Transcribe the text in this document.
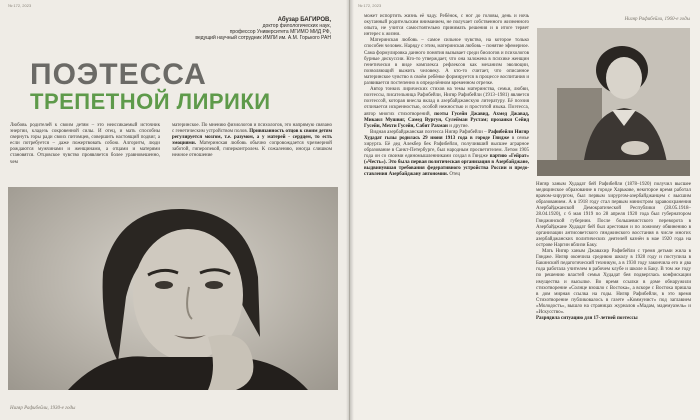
№ 172, 2023
Абузар БАГИРОВ,
доктор филологических наук,
профессор Университета МГИМО МИД РФ,
ведущий научный сотрудник ИМЛИ им. А.М. Горького РАН
ПОЭТЕССА
ТРЕПЕТНОЙ ЛИРИКИ
Любовь родителей к своим детям – это неиссякаемый источник энергии, кладезь сокровенной силы. И отец, и мать способны свернуть горы ради своих питомцев, совершить настоящий подвиг, а если потребуется – даже пожертвовать собою. Алгоритм, люди рождаются мужчинами и женщинами, а отцами и матерями становятся. Отцовское чувство проявляется более уравновешенно, чем
материнское. По мнению физиологов и психологов, это напрямую связано с генетическим устройством полов. Привязанность отцов к своим детям регулируется мозгом, т.е. разумом, а у матерей - сердцем, то есть эмоциями. Материнская любовь обычно сопровождается чрезмерной заботой, гиперопекой, гиперконтролем. К сожалению, иногда слишком нежное отношение
Нигяр Рафибейли, 1930-е годы
№ 172, 2023
Нигяр Рафибейли, 1960-е годы
может испортить жизнь её чаду. Ребёнок, с ног до головы, день и ночь окутанный родительским вниманием, не получает собственного жизненного опыта, не учится самостоятельно принимать решения и в итоге теряет интерес к жизни.
Материнская любовь – самое сильное чувство, на которое только способен человек. Наряду с этим, материнская любовь – понятие эфемерное. Сама формулировка данного понятия вызывает среди биологов и психологов бурные дискуссии. Кто-то утверждает, что она заложена в психике женщин генетически в виде комплекса рефлексов как механизм эволюции, позволяющий выжить человеку. А кто-то считает, что описанное материнское чувство в своём ребёнке формируется в процессе воспитания и развивается постепенно в определённом временном отрезке.
Автор тонких лирических стихов на темы материнства, семьи, любви, поэтессы, писательница Рафибейли, Нигяр Рафибейли (1913–1981) является поэтессой, которая внесла вклад в азербайджанскую литературу. Её поэзия отличается искренностью, особой нежностью и простотой языка. Поэтесса, автор многих стихотворений, поэты Гусейн Джавид, Ахмед Джавад, Микаил Мушвиг, Самед Вургун, Сулейман Рустам; прозаики Сейид Гусейн, Мехти Гусейн, Сабит Рахман и другие.
Видная азербайджанская поэтесса Нигяр Рафибейли – Рафибейли Нигяр Худадат гызы родилась 29 июня 1913 года в городе Гяндже в семье хирурга. Её дед Алекбер бек Рафибейли, получивший высшее аграрное образование в Санкт-Петербурге, был народным просветителем. Летом 1905 года он со своими единомышленниками создал в Гяндже партию «Гейрат» («Честь»). Это была первая политическая организация в Азербайджане, выдвинувшая требования федеративного устройства России и предоставления Азербайджану автономии. Отец
Нигяр ханым Худадат бей Рафибейли (1878–1920) получил высшее медицинское образование в городе Харькове, некоторое время работал врачом-хирургом, был первым хирургом-азербайджанцем с высшим образованием. А в 1918 году стал первым министром здравоохранения Азербайджанской Демократической Республики (28.05.1918–28.04.1920), с 6 мая 1919 по 28 апреля 1920 года был губернатором Гянджинской губернии. После большевистского переворота в Азербайджане Худадат бей был арестован и по ложному обвинению в организации антисоветского гянджинского восстания в числе многих азербайджанских политических деятелей казнён в мае 1920 года на острове Наргин вблизи Баку.
Мать Нигяр ханым Джавахир Рафибейли с тремя детьми жила в Гяндже. Нигяр окончила среднюю школу в 1928 году и поступила в Бакинский педагогический техникум, а в 1930 году закончила его и два года работала учителем в рабочем клубе и школе в Баку. В том же году по решению властей семья Худадат бея подверглась конфискации имущества и высылке. Во время ссылки в доме обнаружили стихотворение «Солнце взошло с Востока», а вскоре с Востока пришла в дом мирная ссылка на годы. Нигяр Рафибейли, в это время Стихотворение публиковалось в газете «Коммунист» под заглавием «Молодость», вышло на страницах журналов «Мадам, мадемуазель» и «Искусство».
Разрядила ситуацию для 17-летней поэтессы
